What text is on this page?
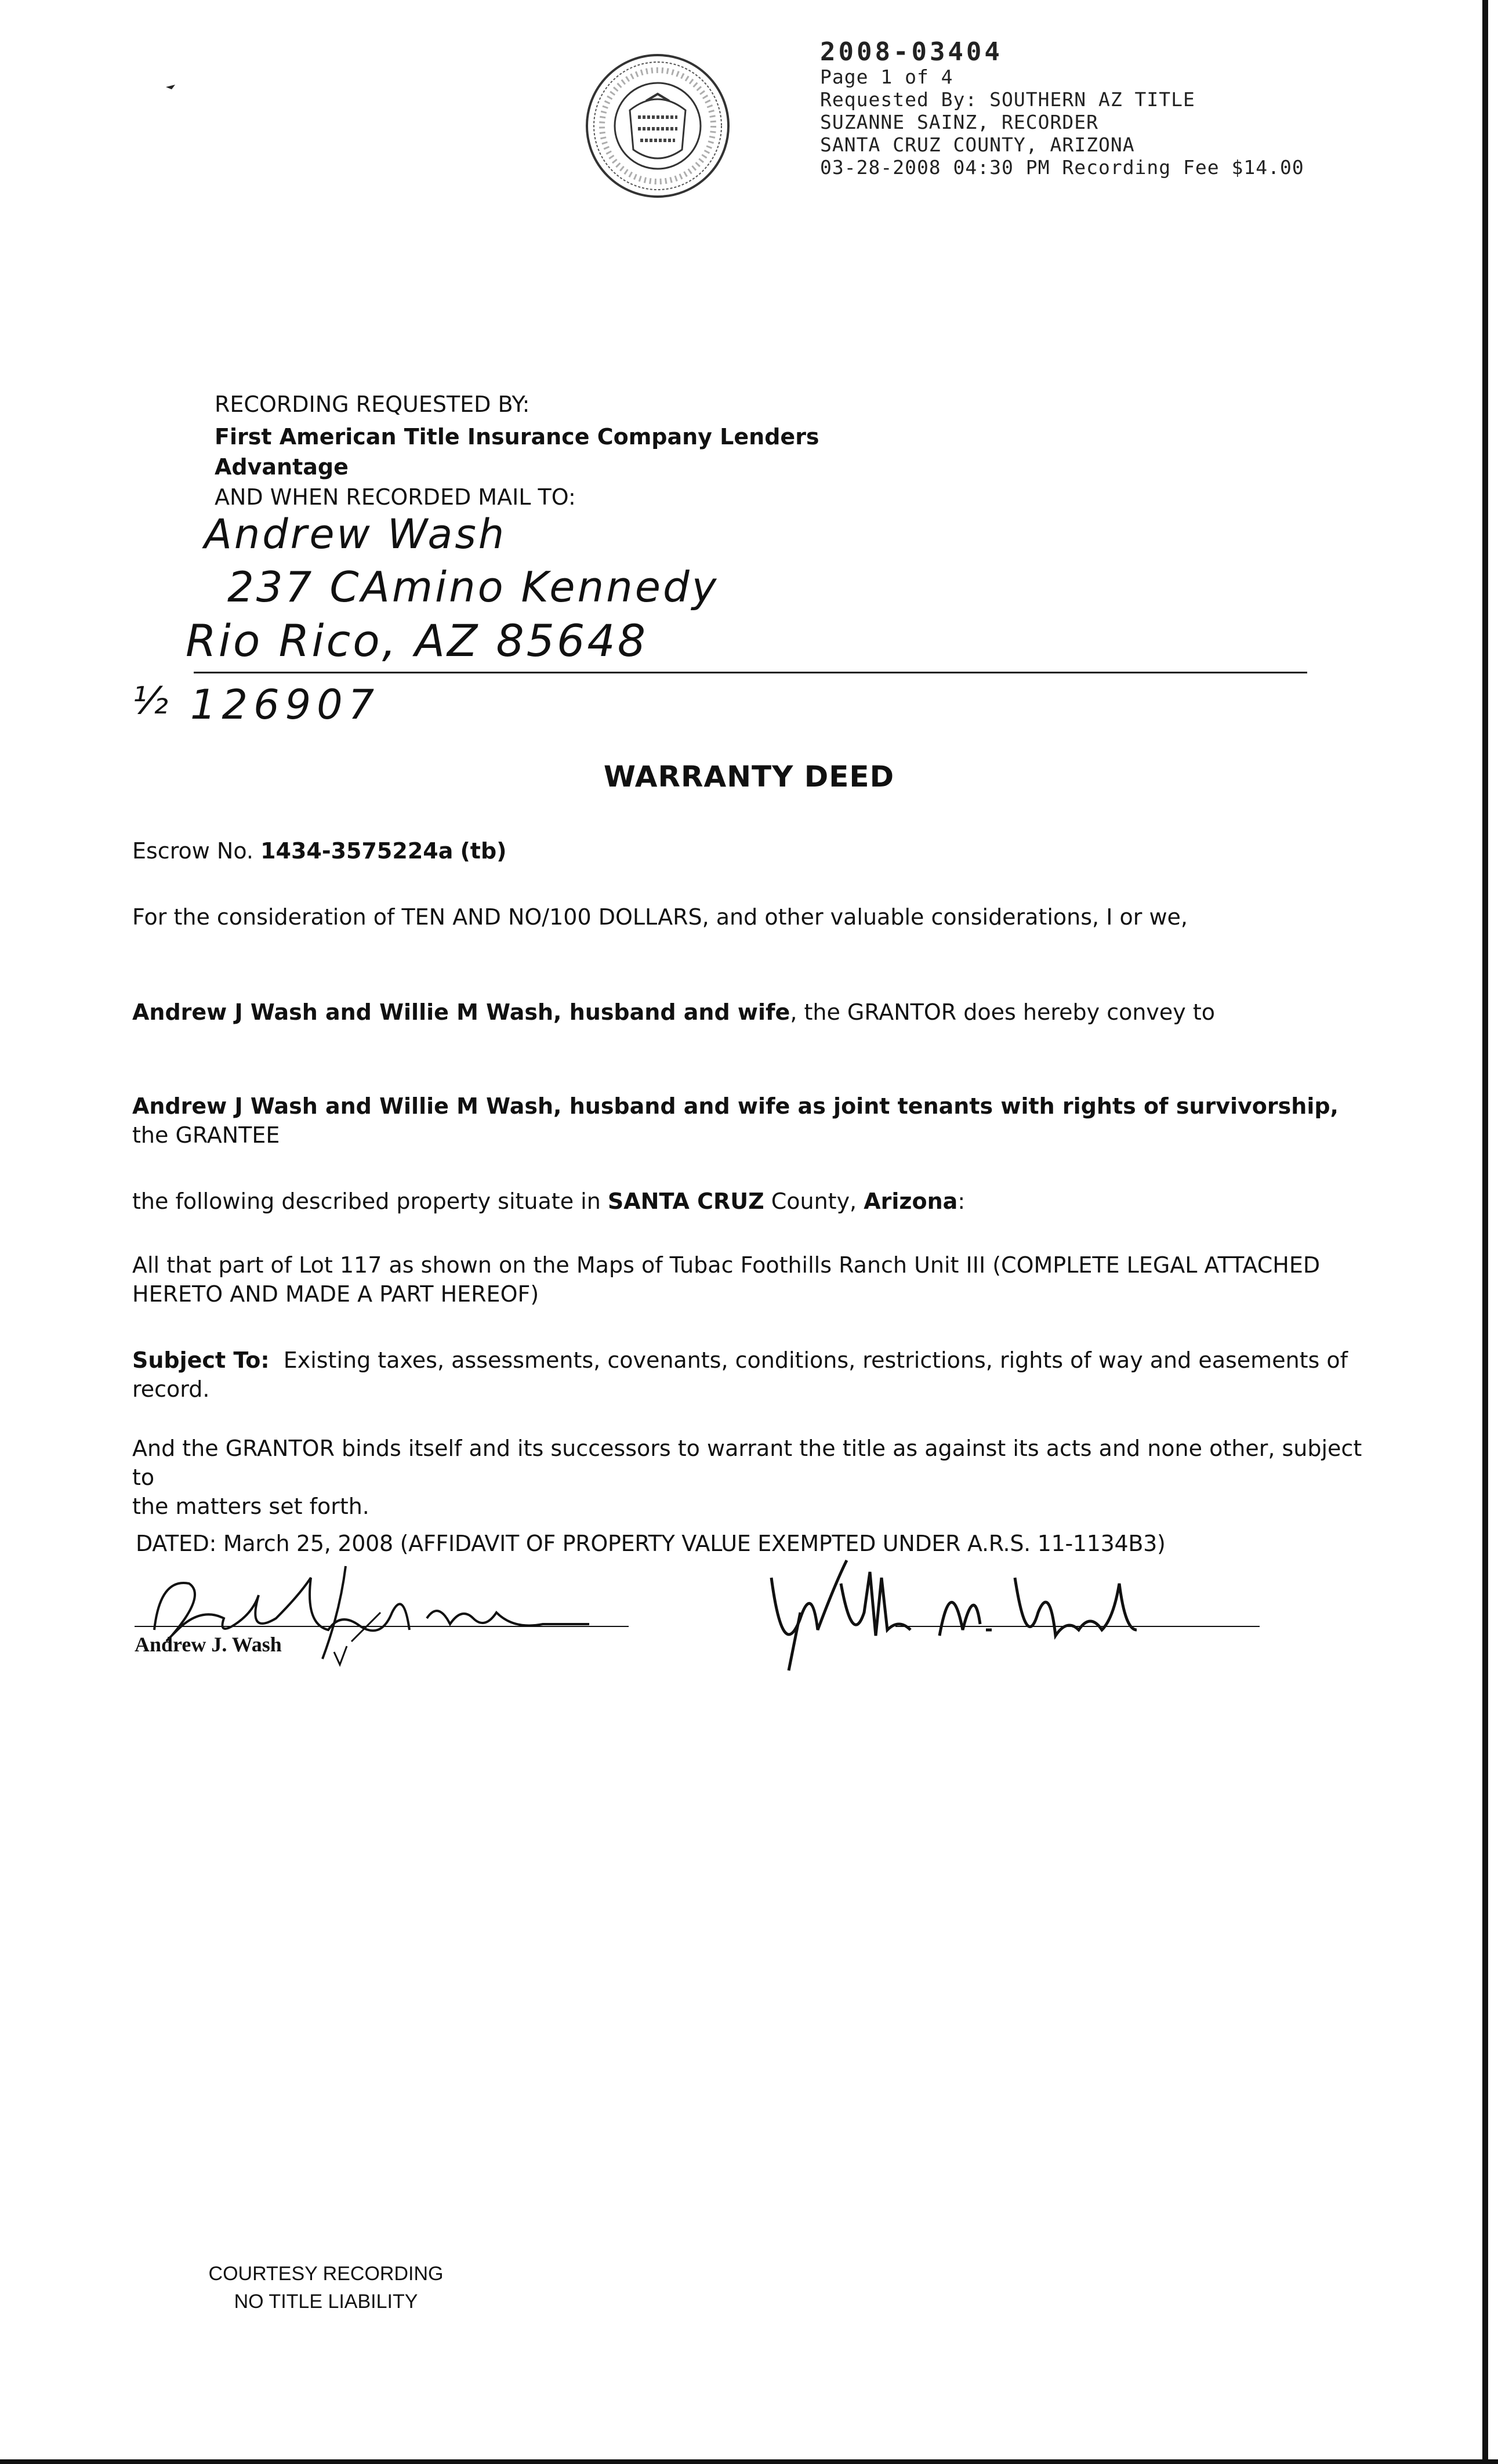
2008-03404
Page 1 of 4
Requested By: SOUTHERN AZ TITLE
SUZANNE SAINZ, RECORDER
SANTA CRUZ COUNTY, ARIZONA
03-28-2008 04:30 PM Recording Fee $14.00
RECORDING REQUESTED BY:
First American Title Insurance Company Lenders
Advantage
AND WHEN RECORDED MAIL TO:
Andrew Wash
237 CAmino Kennedy
Rio Rico, AZ 85648
½ 126907
WARRANTY DEED
Escrow No. 1434-3575224a (tb)
For the consideration of TEN AND NO/100 DOLLARS, and other valuable considerations, I or we,
Andrew J Wash and Willie M Wash, husband and wife, the GRANTOR does hereby convey to
Andrew J Wash and Willie M Wash, husband and wife as joint tenants with rights of survivorship,
the GRANTEE
the following described property situate in SANTA CRUZ County, Arizona:
All that part of Lot 117 as shown on the Maps of Tubac Foothills Ranch Unit III (COMPLETE LEGAL ATTACHED
HERETO AND MADE A PART HEREOF)
Subject To:  Existing taxes, assessments, covenants, conditions, restrictions, rights of way and easements of
record.
And the GRANTOR binds itself and its successors to warrant the title as against its acts and none other, subject to
the matters set forth.
DATED: March 25, 2008 (AFFIDAVIT OF PROPERTY VALUE EXEMPTED UNDER A.R.S. 11-1134B3)
Andrew J. Wash
COURTESY RECORDING
NO TITLE LIABILITY
